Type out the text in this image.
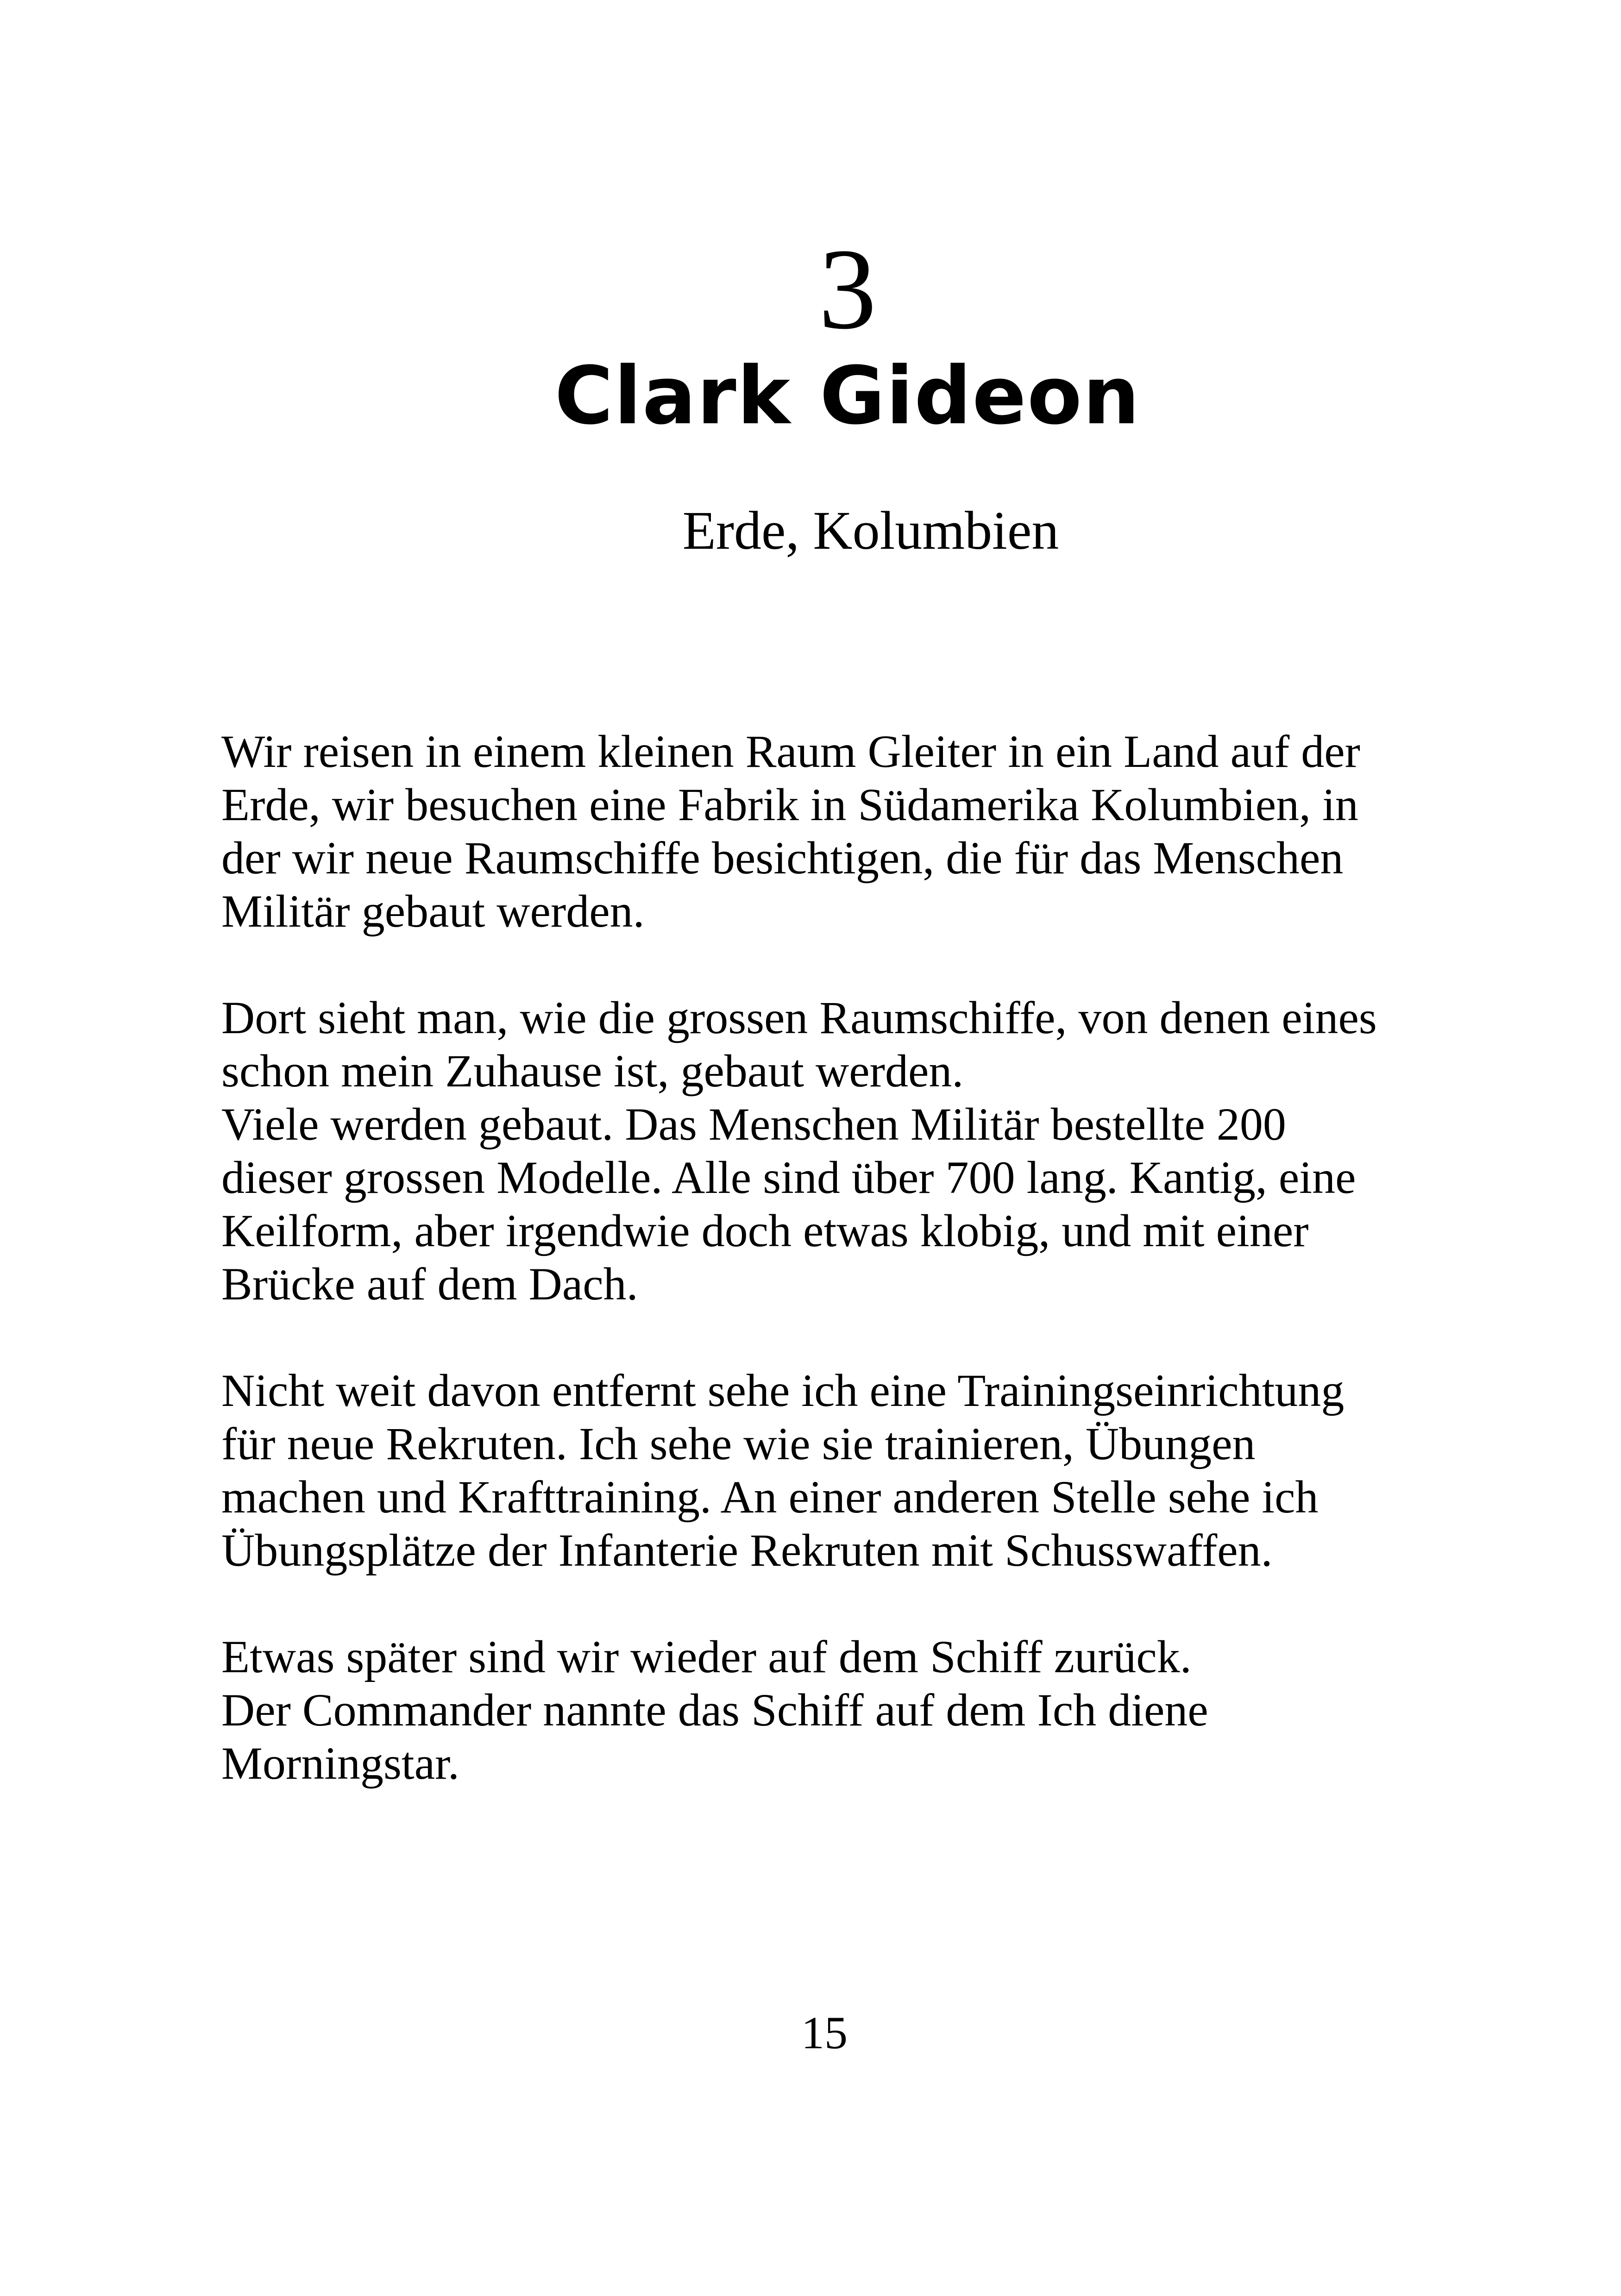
3
Clark Gideon
Erde, Kolumbien

Wir reisen in einem kleinen Raum Gleiter in ein Land auf der
Erde, wir besuchen eine Fabrik in Südamerika Kolumbien, in
der wir neue Raumschiffe besichtigen, die für das Menschen
Militär gebaut werden.

Dort sieht man, wie die grossen Raumschiffe, von denen eines
schon mein Zuhause ist, gebaut werden.
Viele werden gebaut. Das Menschen Militär bestellte 200
dieser grossen Modelle. Alle sind über 700 lang. Kantig, eine
Keilform, aber irgendwie doch etwas klobig, und mit einer
Brücke auf dem Dach.

Nicht weit davon entfernt sehe ich eine Trainingseinrichtung
für neue Rekruten. Ich sehe wie sie trainieren, Übungen
machen und Krafttraining. An einer anderen Stelle sehe ich
Übungsplätze der Infanterie Rekruten mit Schusswaffen.

Etwas später sind wir wieder auf dem Schiff zurück.
Der Commander nannte das Schiff auf dem Ich diene
Morningstar.

15
